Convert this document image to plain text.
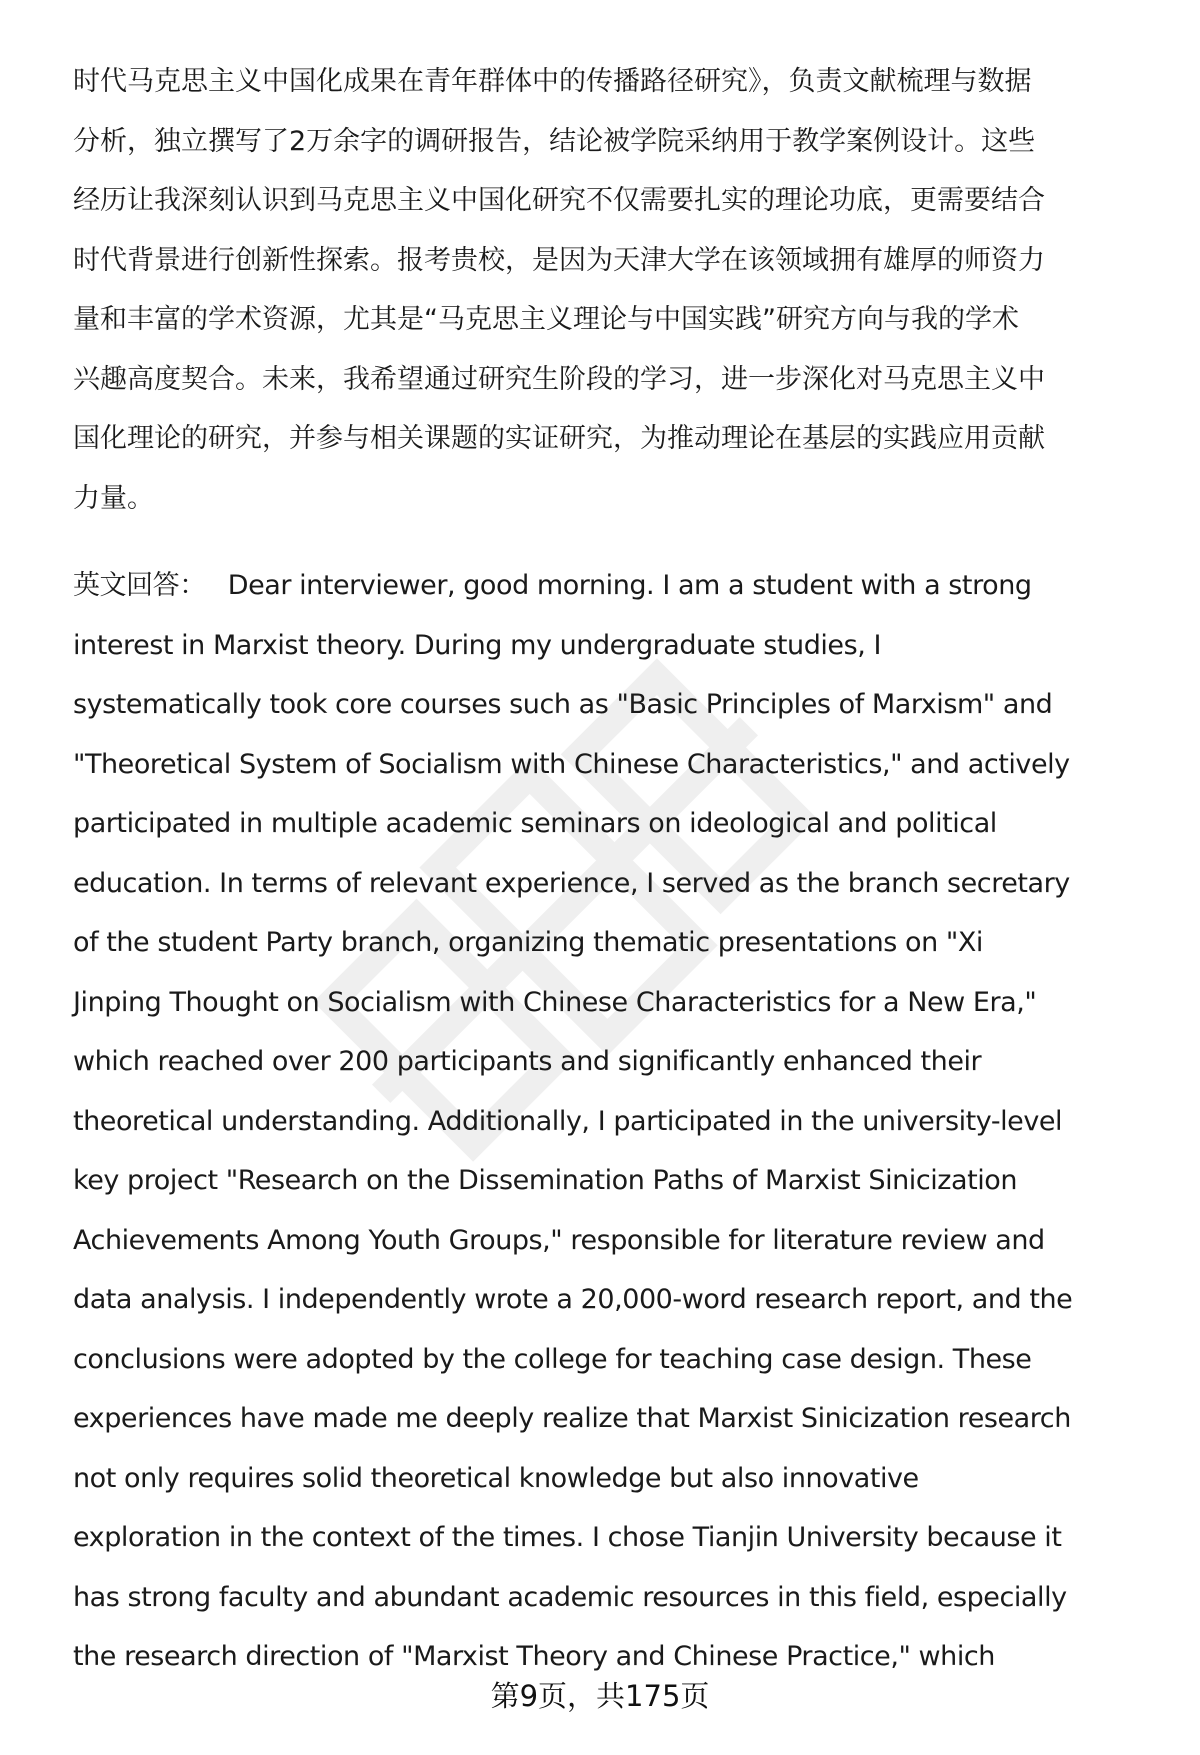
时代马克思主义中国化成果在青年群体中的传播路径研究》，负责文献梳理与数据
分析，独立撰写了2万余字的调研报告，结论被学院采纳用于教学案例设计。这些
经历让我深刻认识到马克思主义中国化研究不仅需要扎实的理论功底，更需要结合
时代背景进行创新性探索。报考贵校，是因为天津大学在该领域拥有雄厚的师资力
量和丰富的学术资源，尤其是“马克思主义理论与中国实践”研究方向与我的学术
兴趣高度契合。未来，我希望通过研究生阶段的学习，进一步深化对马克思主义中
国化理论的研究，并参与相关课题的实证研究，为推动理论在基层的实践应用贡献
力量。
英文回答： Dear interviewer, good morning. I am a student with a strong
interest in Marxist theory. During my undergraduate studies, I
systematically took core courses such as "Basic Principles of Marxism" and
"Theoretical System of Socialism with Chinese Characteristics," and actively
participated in multiple academic seminars on ideological and political
education. In terms of relevant experience, I served as the branch secretary
of the student Party branch, organizing thematic presentations on "Xi
Jinping Thought on Socialism with Chinese Characteristics for a New Era,"
which reached over 200 participants and significantly enhanced their
theoretical understanding. Additionally, I participated in the university-level
key project "Research on the Dissemination Paths of Marxist Sinicization
Achievements Among Youth Groups," responsible for literature review and
data analysis. I independently wrote a 20,000-word research report, and the
conclusions were adopted by the college for teaching case design. These
experiences have made me deeply realize that Marxist Sinicization research
not only requires solid theoretical knowledge but also innovative
exploration in the context of the times. I chose Tianjin University because it
has strong faculty and abundant academic resources in this field, especially
the research direction of "Marxist Theory and Chinese Practice," which
第9页，共175页
